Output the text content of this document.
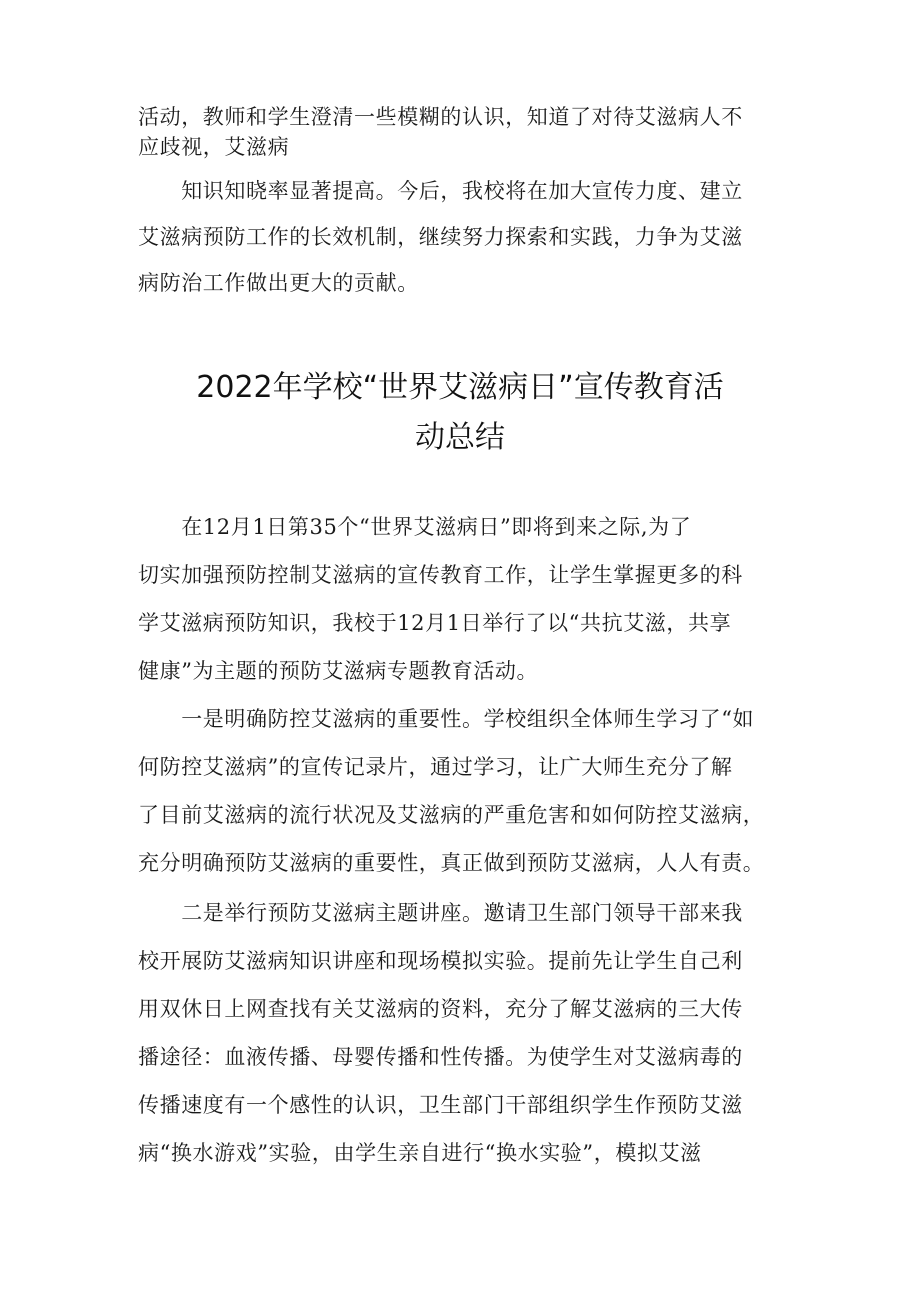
活动，教师和学生澄清一些模糊的认识，知道了对待艾滋病人不
应歧视，艾滋病
　　知识知晓率显著提高。今后，我校将在加大宣传力度、建立
艾滋病预防工作的长效机制，继续努力探索和实践，力争为艾滋
病防治工作做出更大的贡献。
2022年学校“世界艾滋病日”宣传教育活
动总结
　　在12月1日第35个“世界艾滋病日”即将到来之际,为了
切实加强预防控制艾滋病的宣传教育工作，让学生掌握更多的科
学艾滋病预防知识，我校于12月1日举行了以“共抗艾滋，共享
健康”为主题的预防艾滋病专题教育活动。
　　一是明确防控艾滋病的重要性。学校组织全体师生学习了“如
何防控艾滋病”的宣传记录片，通过学习，让广大师生充分了解
了目前艾滋病的流行状况及艾滋病的严重危害和如何防控艾滋病，
充分明确预防艾滋病的重要性，真正做到预防艾滋病，人人有责。
　　二是举行预防艾滋病主题讲座。邀请卫生部门领导干部来我
校开展防艾滋病知识讲座和现场模拟实验。提前先让学生自己利
用双休日上网查找有关艾滋病的资料，充分了解艾滋病的三大传
播途径：血液传播、母婴传播和性传播。为使学生对艾滋病毒的
传播速度有一个感性的认识，卫生部门干部组织学生作预防艾滋
病“换水游戏”实验，由学生亲自进行“换水实验”，模拟艾滋
